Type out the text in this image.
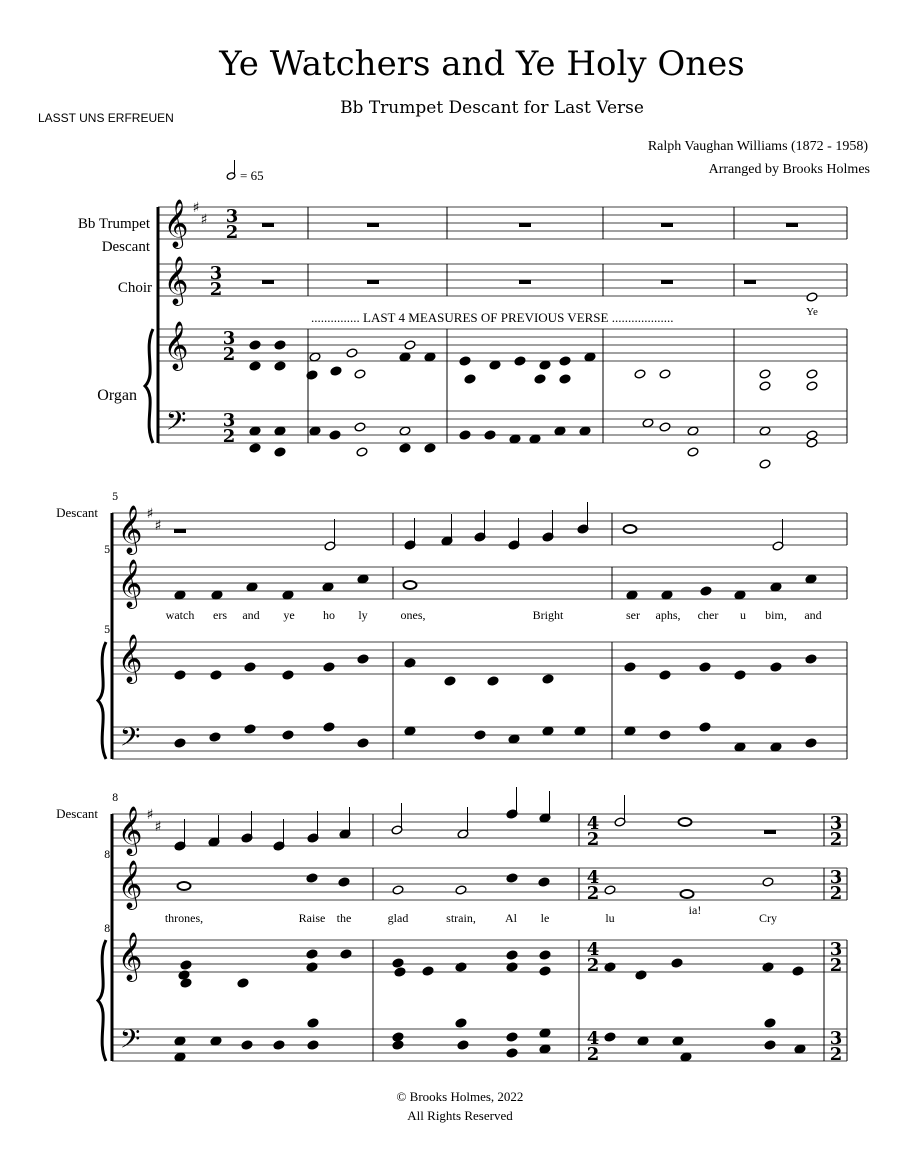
Ye Watchers and Ye Holy Ones
Bb Trumpet Descant for Last Verse
LASST UNS ERFREUEN
Ralph Vaughan Williams (1872 - 1958)
Arranged by Brooks Holmes
= 65
Bb Trumpet
Descant
Choir
Organ
............... LAST 4 MEASURES OF PREVIOUS VERSE ...................	Ye
Descant
Descant
watch ers and ye ho ly	ones,	Bright	ser aphs, cher u bim, and
thrones,	Raise the	glad	strain, Al le	lu
ia!
Cry
© Brooks Holmes, 2022
All Rights Reserved
𝄞
𝄞
𝄞
𝄢
♯
♯ 3
2
3
2
3
2
3
2
𝄞
𝄞
𝄞
𝄢
♯
♯
𝄞
𝄞
𝄞
𝄢
♯
♯	4
2
3
2
4
2
3
2
4
2
3
2
4
2
3
2
5
5
5
8
8
8
